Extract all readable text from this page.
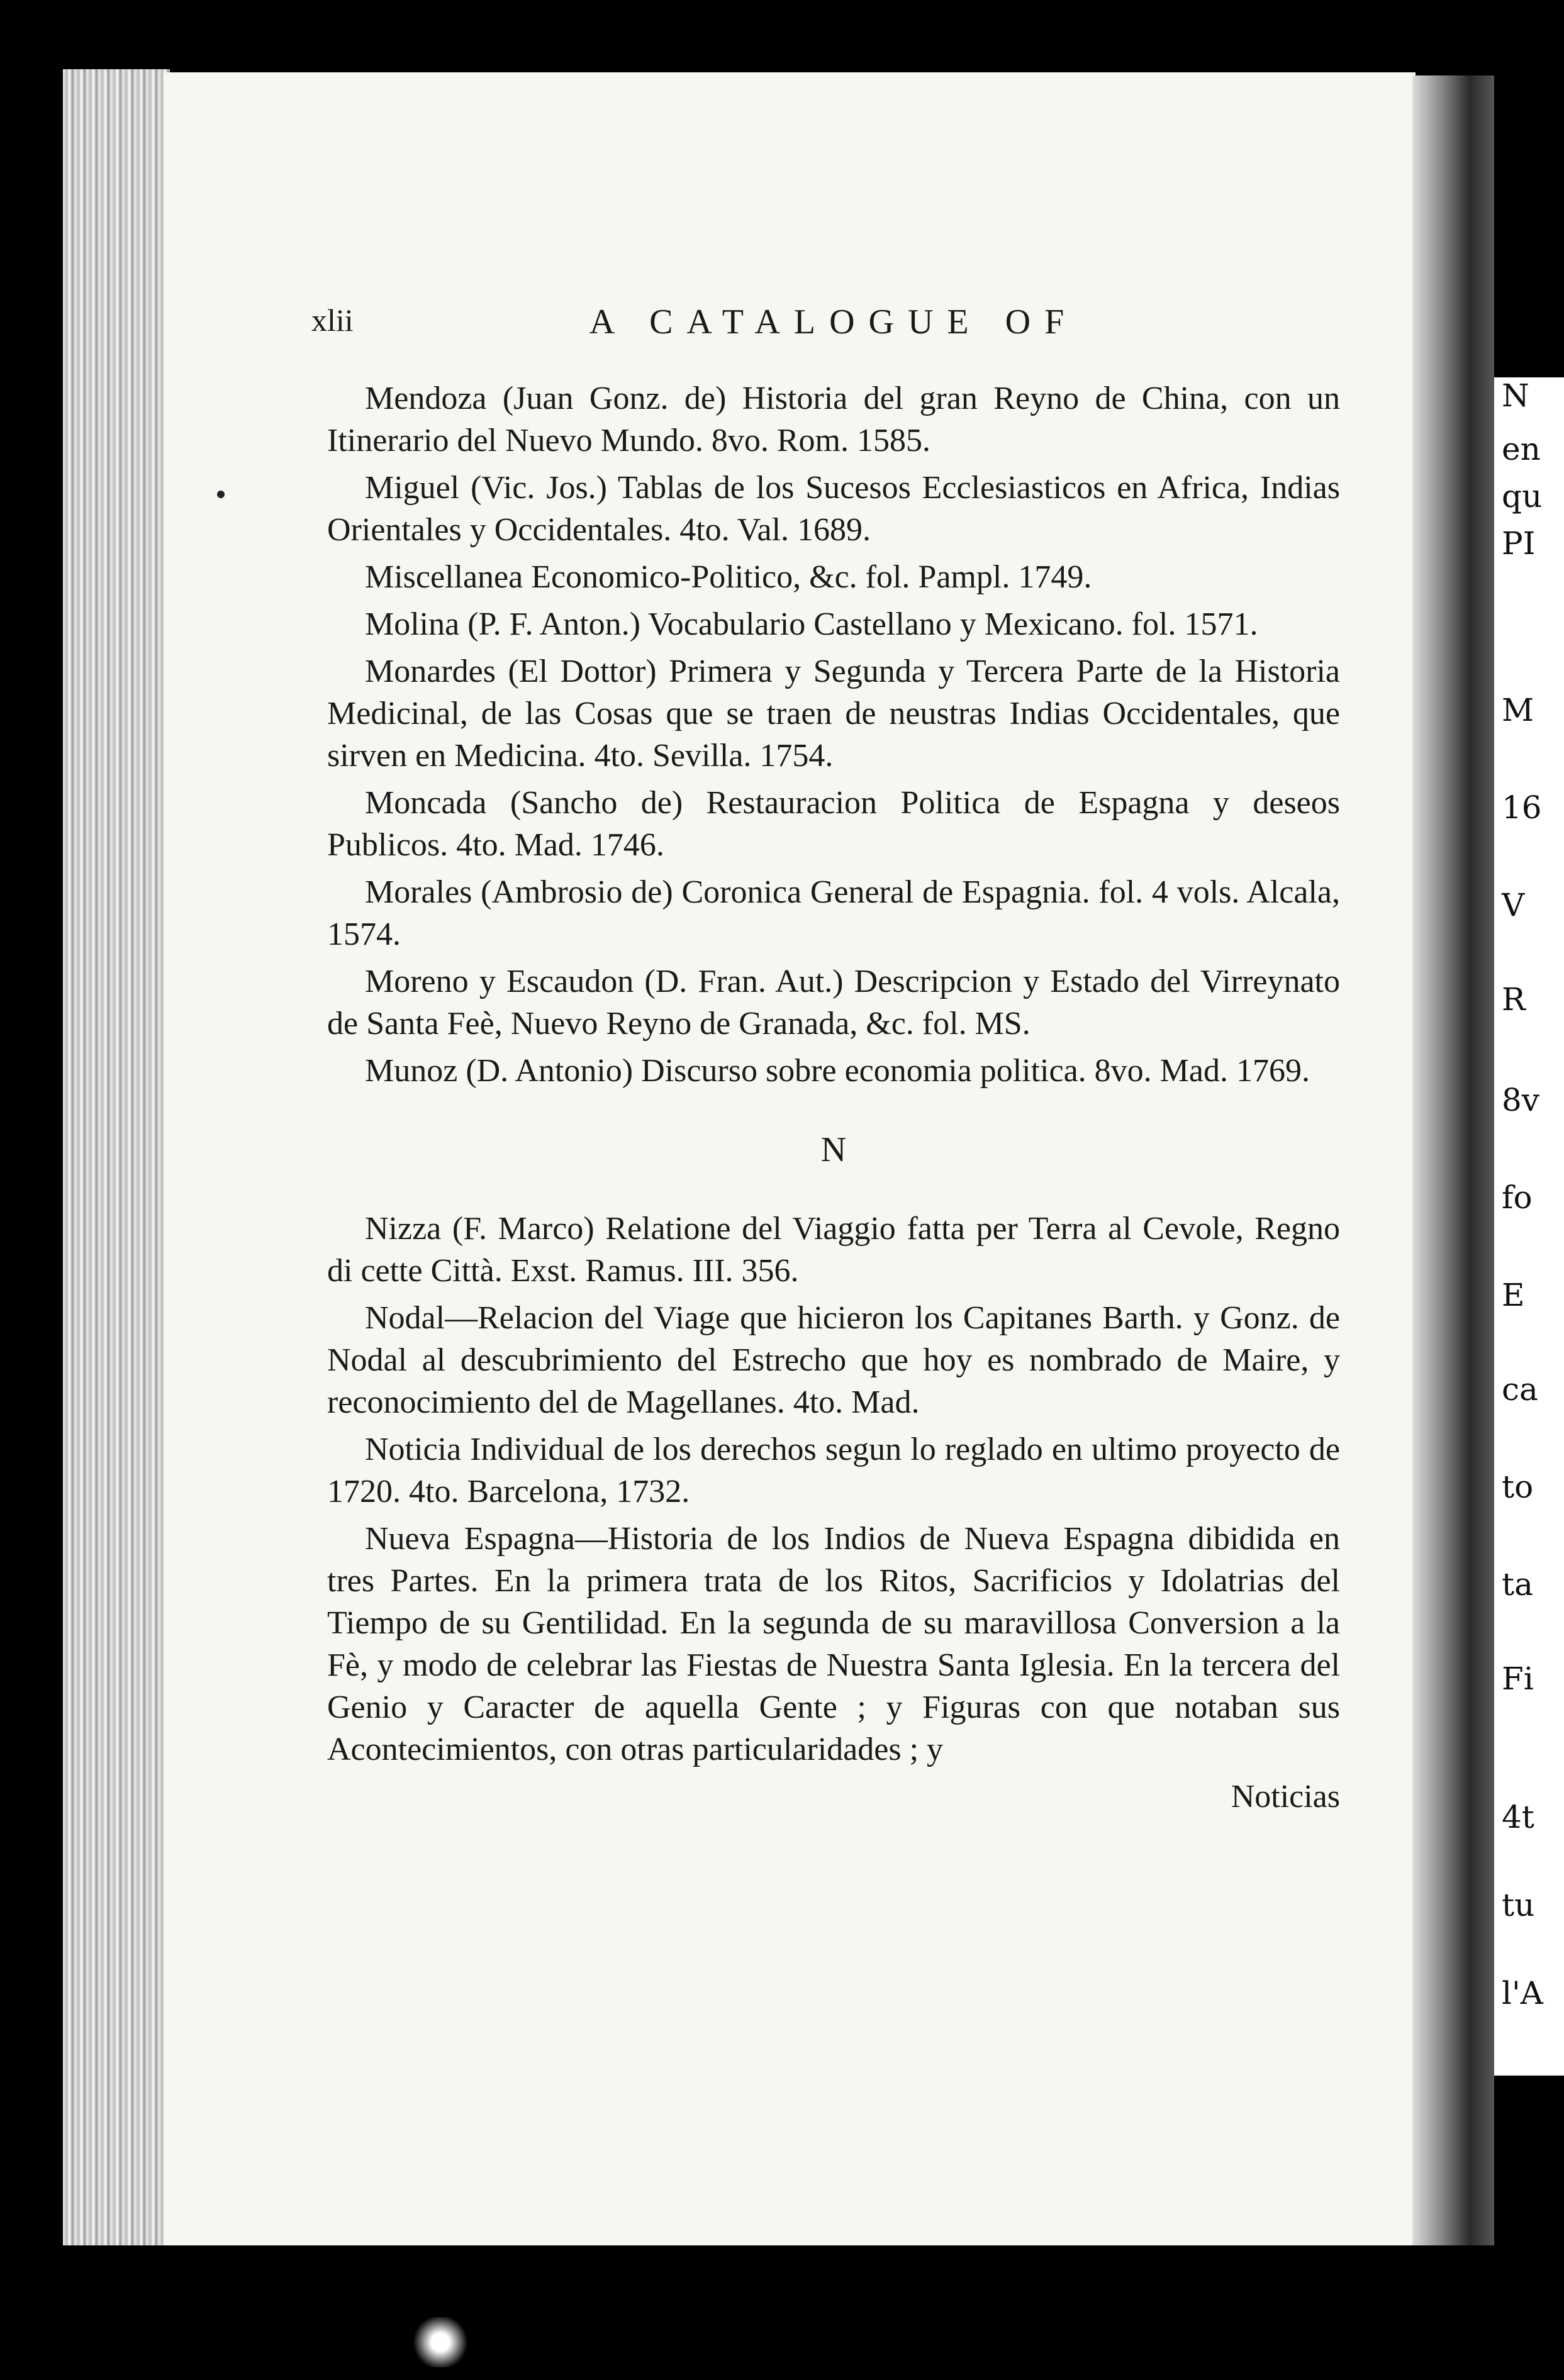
N
en
qu
PI
M
16
V
R
8v
fo
E
ca
to
ta
Fi
4t
tu
l'A
xlii	A CATALOGUE OF

Mendoza (Juan Gonz. de) Historia del gran Reyno de China, con un Itinerario del Nuevo Mundo. 8vo. Rom. 1585.

Miguel (Vic. Jos.) Tablas de los Sucesos Ecclesiasticos en Africa, Indias Orientales y Occidentales. 4to. Val. 1689.

Miscellanea Economico-Politico, &c. fol. Pampl. 1749.

Molina (P. F. Anton.) Vocabulario Castellano y Mexicano. fol. 1571.

Monardes (El Dottor) Primera y Segunda y Tercera Parte de la Historia Medicinal, de las Cosas que se traen de neustras Indias Occidentales, que sirven en Medicina. 4to. Sevilla. 1754.

Moncada (Sancho de) Restauracion Politica de Espagna y deseos Publicos. 4to. Mad. 1746.

Morales (Ambrosio de) Coronica General de Espagnia. fol. 4 vols. Alcala, 1574.

Moreno y Escaudon (D. Fran. Aut.) Descripcion y Estado del Virreynato de Santa Feè, Nuevo Reyno de Granada, &c. fol. MS.

Munoz (D. Antonio) Discurso sobre economia politica. 8vo. Mad. 1769.

N

Nizza (F. Marco) Relatione del Viaggio fatta per Terra al Cevole, Regno di cette Città. Exst. Ramus. III. 356.

Nodal—Relacion del Viage que hicieron los Capitanes Barth. y Gonz. de Nodal al descubrimiento del Estrecho que hoy es nombrado de Maire, y reconocimiento del de Magellanes. 4to. Mad.

Noticia Individual de los derechos segun lo reglado en ultimo proyecto de 1720. 4to. Barcelona, 1732.

Nueva Espagna—Historia de los Indios de Nueva Espagna dibidida en tres Partes. En la primera trata de los Ritos, Sacrificios y Idolatrias del Tiempo de su Gentilidad. En la segunda de su maravillosa Conversion a la Fè, y modo de celebrar las Fiestas de Nuestra Santa Iglesia. En la tercera del Genio y Caracter de aquella Gente ; y Figuras con que notaban sus Acontecimientos, con otras particularidades ; y

Noticias
